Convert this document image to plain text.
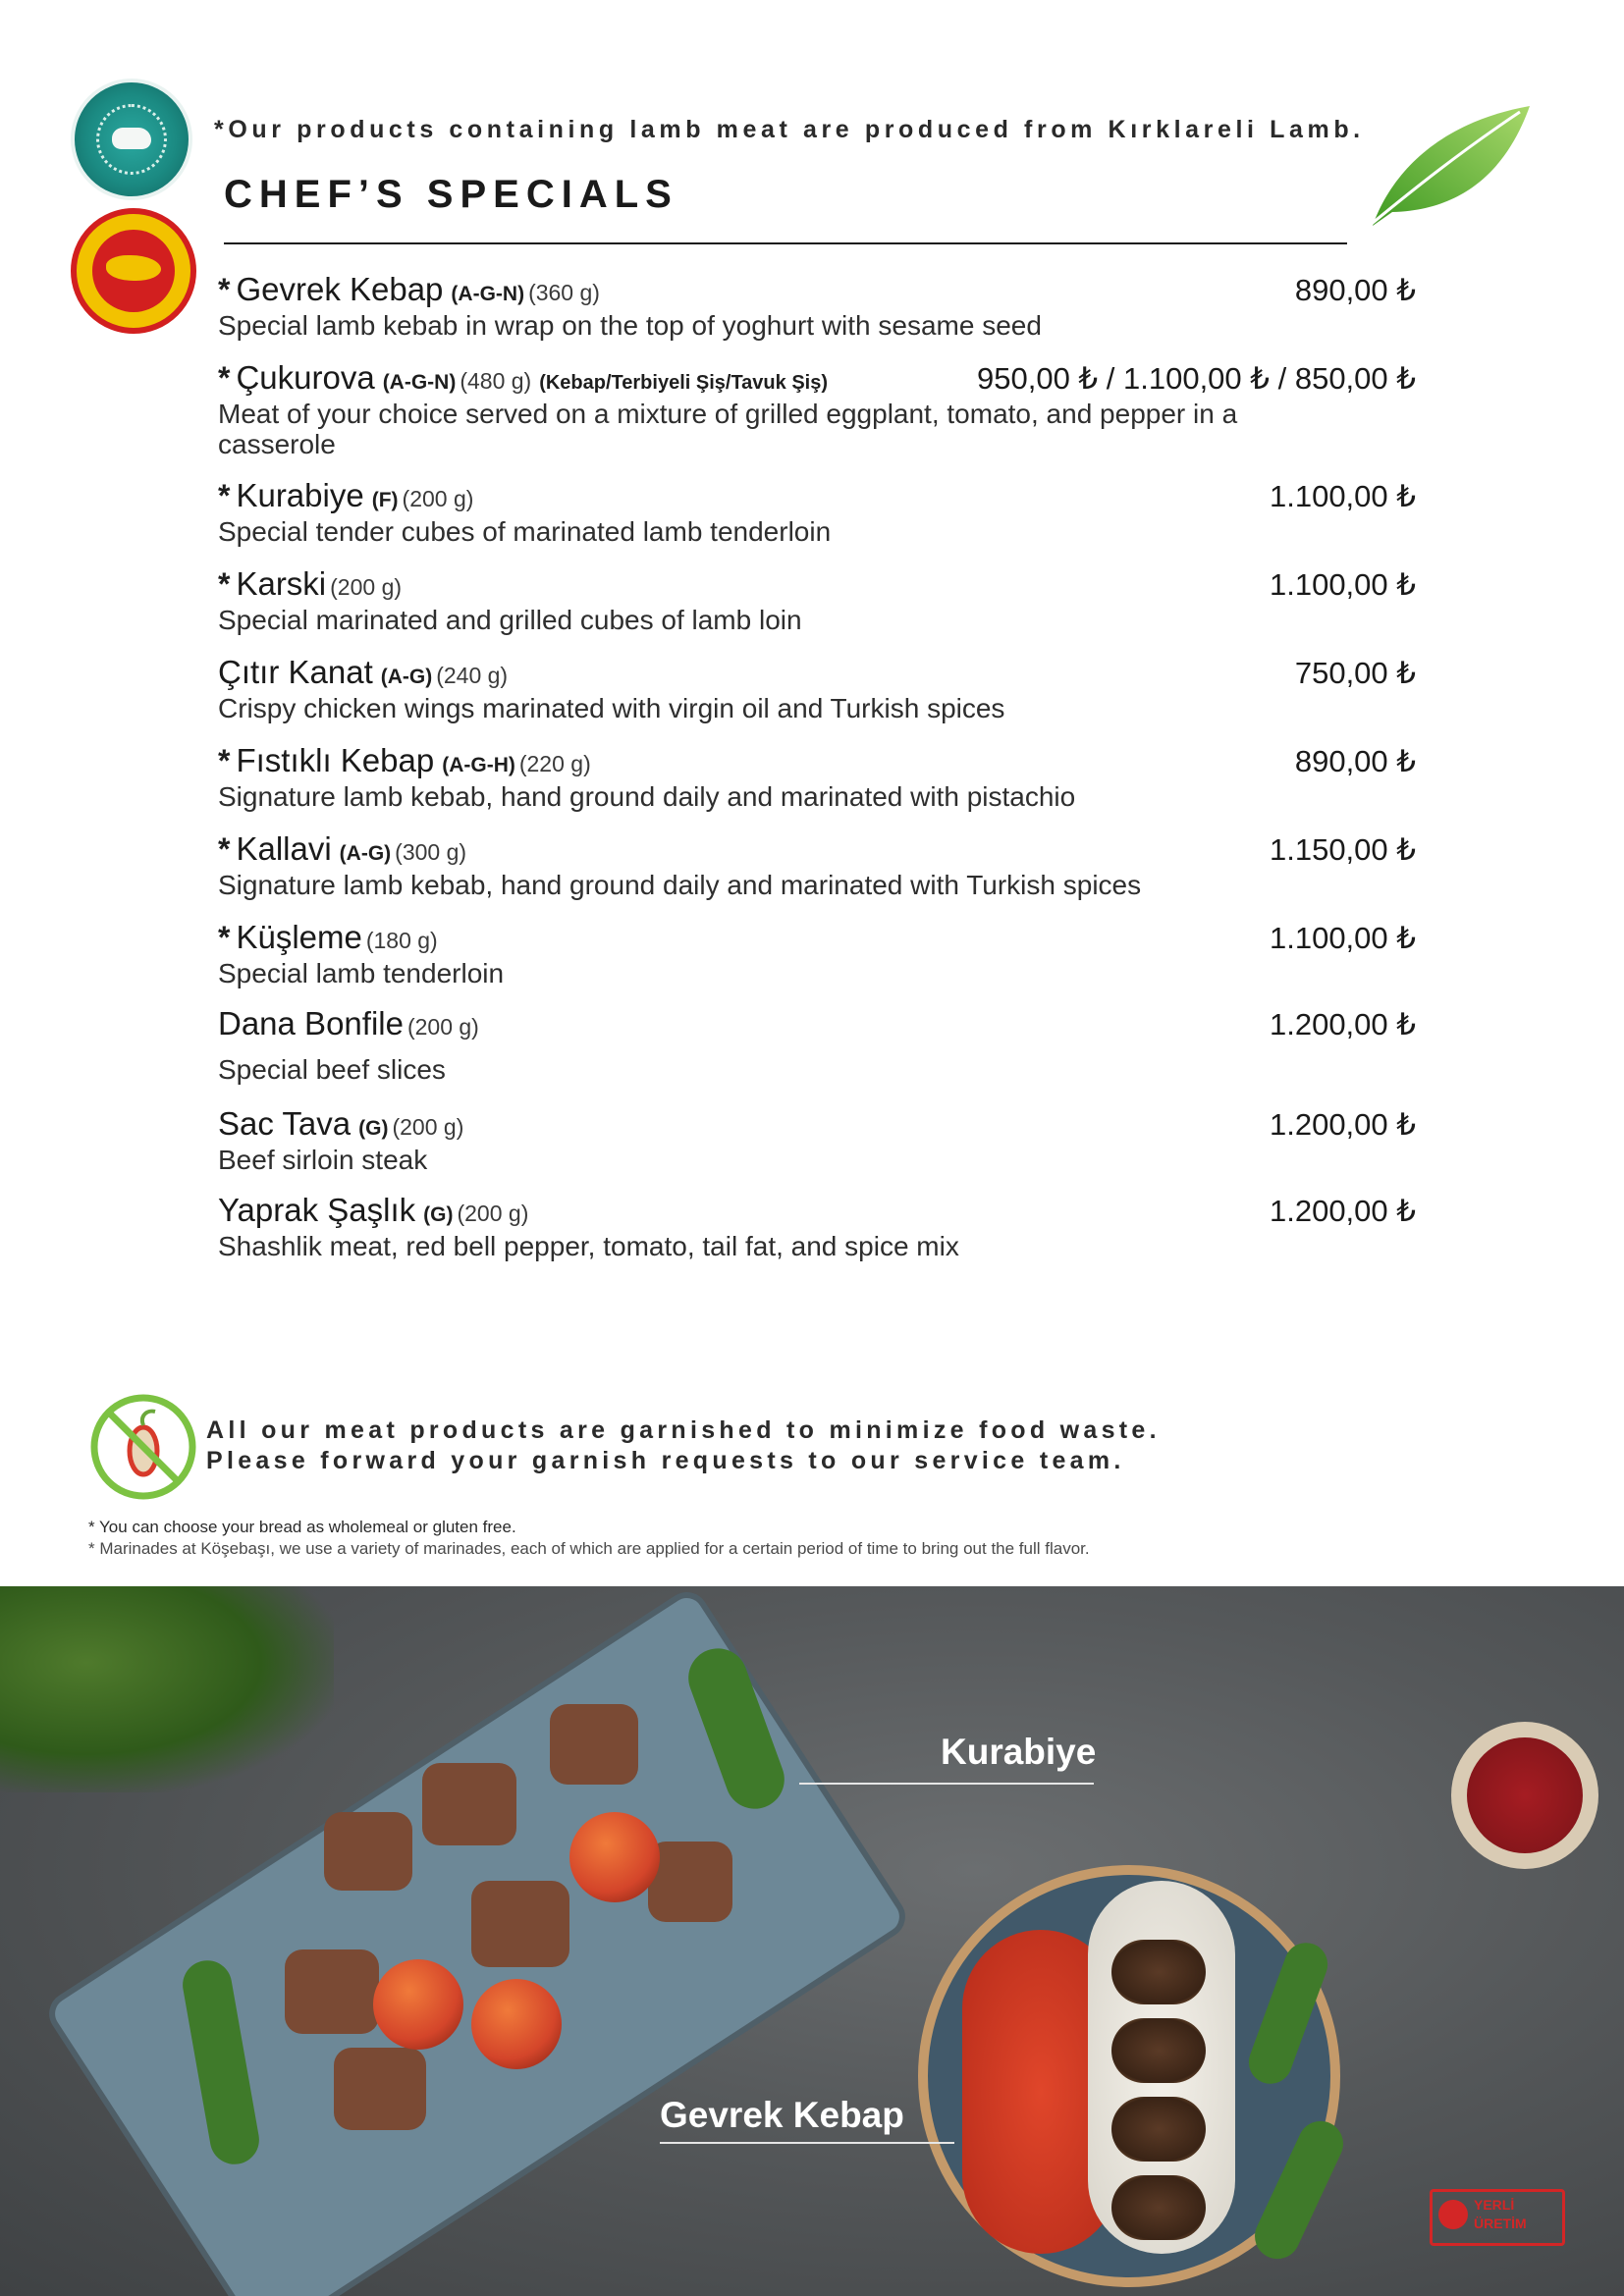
*Our products containing lamb meat are produced from Kırklareli Lamb.
CHEF’S SPECIALS
* Gevrek Kebap (A-G-N) (360 g)	890,00 ₺
Special lamb kebab in wrap on the top of yoghurt with sesame seed
* Çukurova (A-G-N) (480 g) (Kebap/Terbiyeli Şiş/Tavuk Şiş)	950,00 ₺ / 1.100,00 ₺ / 850,00 ₺
Meat of your choice served on a mixture of grilled eggplant, tomato, and pepper in a casserole
* Kurabiye (F) (200 g)	1.100,00 ₺
Special tender cubes of marinated lamb tenderloin
* Karski (200 g)	1.100,00 ₺
Special marinated and grilled cubes of lamb loin
Çıtır Kanat (A-G) (240 g)	750,00 ₺
Crispy chicken wings marinated with virgin oil and Turkish spices
* Fıstıklı Kebap (A-G-H) (220 g)	890,00 ₺
Signature lamb kebab, hand ground daily and marinated with pistachio
* Kallavi (A-G) (300 g)	1.150,00 ₺
Signature lamb kebab, hand ground daily and marinated with Turkish spices
* Küşleme (180 g)	1.100,00 ₺
Special lamb tenderloin
Dana Bonfile (200 g)	1.200,00 ₺
Special beef slices
Sac Tava (G) (200 g)	1.200,00 ₺
Beef sirloin steak
Yaprak Şaşlık (G) (200 g)	1.200,00 ₺
Shashlik meat, red bell pepper, tomato, tail fat, and spice mix
All our meat products are garnished to minimize food waste.
Please forward your garnish requests to our service team.
* You can choose your bread as wholemeal or gluten free.
* Marinades at Köşebaşı, we use a variety of marinades, each of which are applied for a certain period of time to bring out the full flavor.
Kurabiye
Gevrek Kebap
YERLİ
ÜRETİM
